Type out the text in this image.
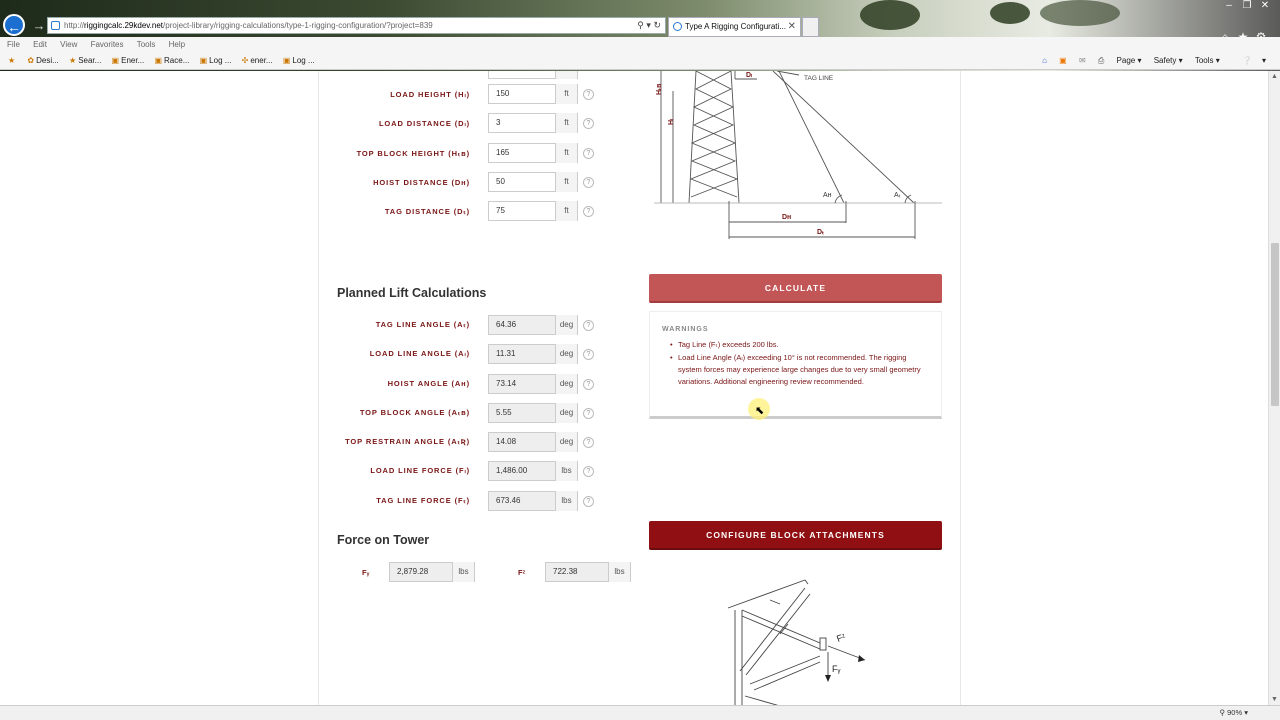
– ❐ ✕
← →	http://riggingcalc.29kdev.net/project-library/rigging-calculations/type-1-rigging-configuration/?project=839	⚲ ▾ ↻	Type A Rigging Configurati... ✕
File Edit View Favorites Tools Help
★ ✿ Desi... ★ Sear... ▣ Ener... ▣ Race... ▣ Log ... ✣ ener... ▣ Log ...	⌂ ▣ ✉ ⎙ Page ▾ Safety ▾ Tools ▾	❔ ▾
LOAD HEIGHT (Hₗ)	150	ft	?
LOAD DISTANCE (Dₗ)	3	ft	?
TOP BLOCK HEIGHT (Hₜʙ)	165	ft	?
HOIST DISTANCE (Dʜ)	50	ft	?
TAG DISTANCE (Dₜ)	75	ft	?
Planned Lift Calculations
TAG LINE ANGLE (Aₜ)	64.36	deg	?
LOAD LINE ANGLE (Aₗ)	11.31	deg	?
HOIST ANGLE (Aʜ)	73.14	deg	?
TOP BLOCK ANGLE (Aₜʙ)	5.55	deg	?
TOP RESTRAIN ANGLE (AₜƦ)	14.08	deg	?
LOAD LINE FORCE (Fₗ)	1,486.00	lbs	?
TAG LINE FORCE (Fₜ)	673.46	lbs	?
Force on Tower
Fᵧ	2,879.28	lbs	Fᶻ	722.38	lbs
TAG LINE
Hₜʙ
Hₗ
Dₗ
Aʜ	Aₜ
Dʜ
Dₜ
CALCULATE
WARNINGS
• Tag Line (Fₜ) exceeds 200 lbs.
• Load Line Angle (Aₗ) exceeding 10° is not recommended. The rigging system forces may experience large changes due to very small geometry variations. Additional engineering review recommended.
⬉
CONFIGURE BLOCK ATTACHMENTS
Fᶻ
Fᵧ
▲
▼
⚲ 90% ▾
